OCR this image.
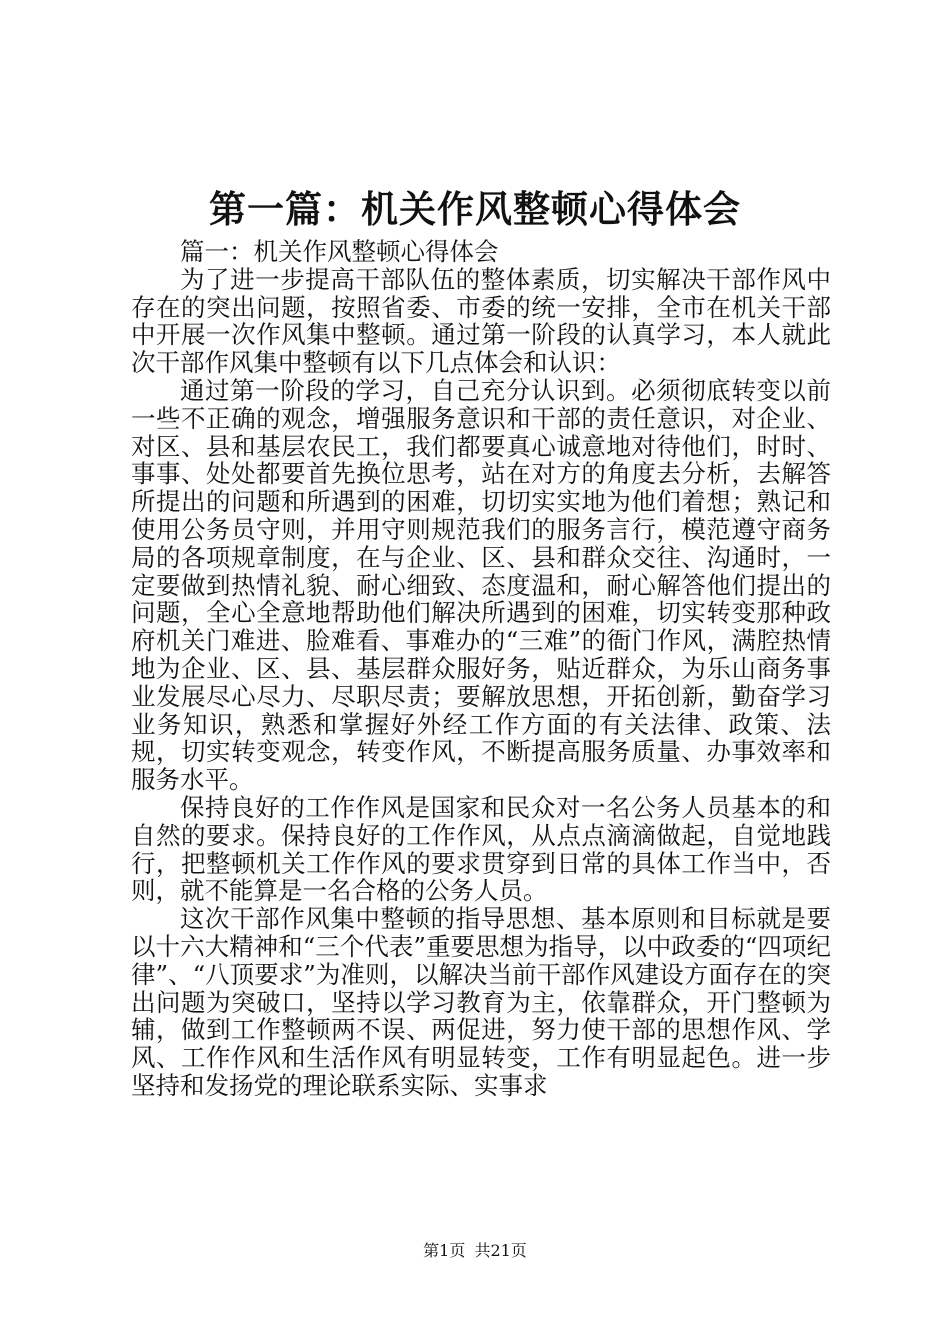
第一篇：机关作风整顿心得体会

篇一：机关作风整顿心得体会

为了进一步提高干部队伍的整体素质，切实解决干部作风中存在的突出问题，按照省委、市委的统一安排，全市在机关干部中开展一次作风集中整顿。通过第一阶段的认真学习，本人就此次干部作风集中整顿有以下几点体会和认识：

通过第一阶段的学习，自己充分认识到。必须彻底转变以前一些不正确的观念，增强服务意识和干部的责任意识，对企业、对区、县和基层农民工，我们都要真心诚意地对待他们，时时、事事、处处都要首先换位思考，站在对方的角度去分析，去解答所提出的问题和所遇到的困难，切切实实地为他们着想；熟记和使用公务员守则，并用守则规范我们的服务言行，模范遵守商务局的各项规章制度，在与企业、区、县和群众交往、沟通时，一定要做到热情礼貌、耐心细致、态度温和，耐心解答他们提出的问题，全心全意地帮助他们解决所遇到的困难，切实转变那种政府机关门难进、脸难看、事难办的“三难”的衙门作风，满腔热情地为企业、区、县、基层群众服好务，贴近群众，为乐山商务事业发展尽心尽力、尽职尽责；要解放思想，开拓创新，勤奋学习业务知识，熟悉和掌握好外经工作方面的有关法律、政策、法规，切实转变观念，转变作风，不断提高服务质量、办事效率和服务水平。

保持良好的工作作风是国家和民众对一名公务人员基本的和自然的要求。保持良好的工作作风，从点点滴滴做起，自觉地践行，把整顿机关工作作风的要求贯穿到日常的具体工作当中，否则，就不能算是一名合格的公务人员。

这次干部作风集中整顿的指导思想、基本原则和目标就是要以十六大精神和“三个代表”重要思想为指导，以中政委的“四项纪律”、“八顶要求”为准则，以解决当前干部作风建设方面存在的突出问题为突破口，坚持以学习教育为主，依靠群众，开门整顿为辅，做到工作整顿两不误、两促进，努力使干部的思想作风、学风、工作作风和生活作风有明显转变，工作有明显起色。进一步坚持和发扬党的理论联系实际、实事求

第1页 共21页
